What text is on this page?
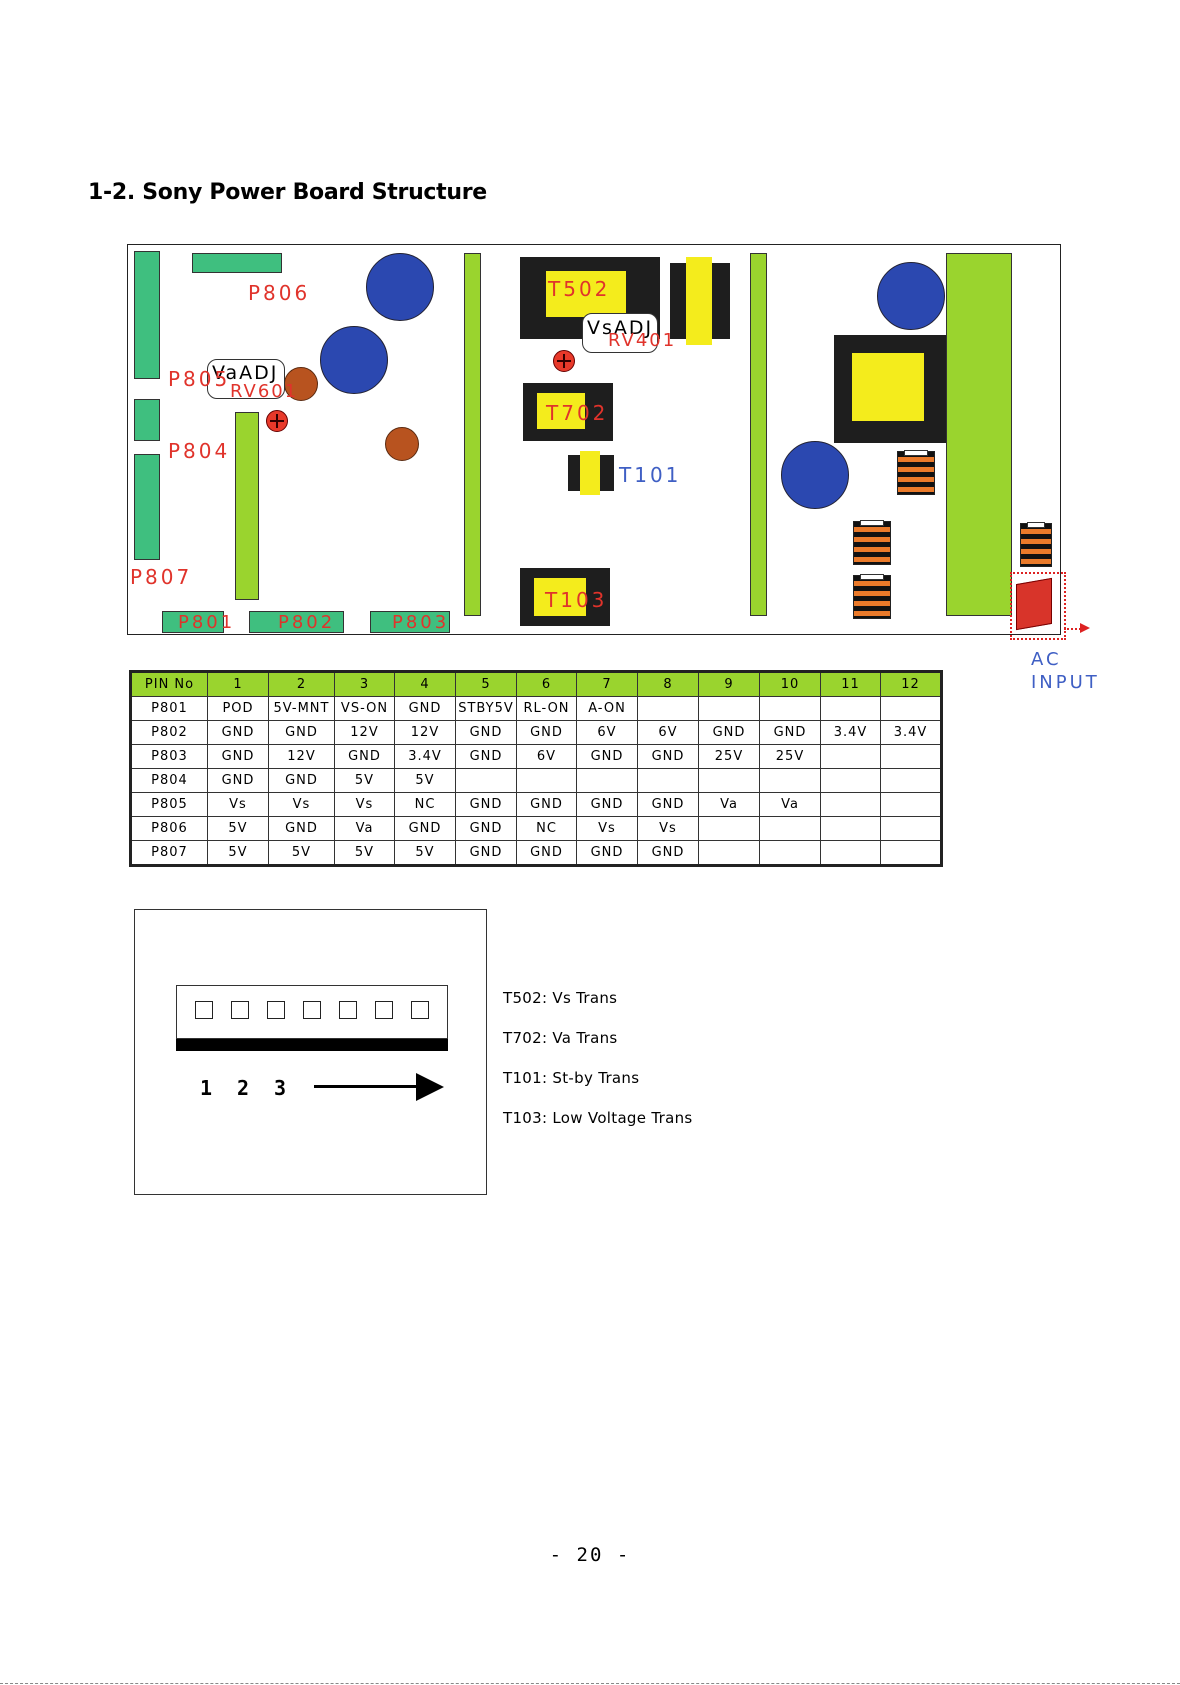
1-2. Sony Power Board Structure
VaADJ
VsADJ
P806
P805
RV601
P804
P807
P801 P802	P803
T502
RV401
T702
T101
T103
AC
INPUT
PIN No	1	2	3	4	5	6	7	8	9	10	11	12
P801	POD	5V-MNT	VS-ON	GND	STBY5V	RL-ON	A-ON					
P802	GND	GND	12V	12V	GND	GND	6V	6V	GND	GND	3.4V	3.4V
P803	GND	12V	GND	3.4V	GND	6V	GND	GND	25V	25V		
P804	GND	GND	5V	5V								
P805	Vs	Vs	Vs	NC	GND	GND	GND	GND	Va	Va		
P806	5V	GND	Va	GND	GND	NC	Vs	Vs				
P807	5V	5V	5V	5V	GND	GND	GND	GND				
1 2 3
T502: Vs Trans
T702: Va Trans
T101: St-by Trans
T103: Low Voltage Trans
- 20 -
